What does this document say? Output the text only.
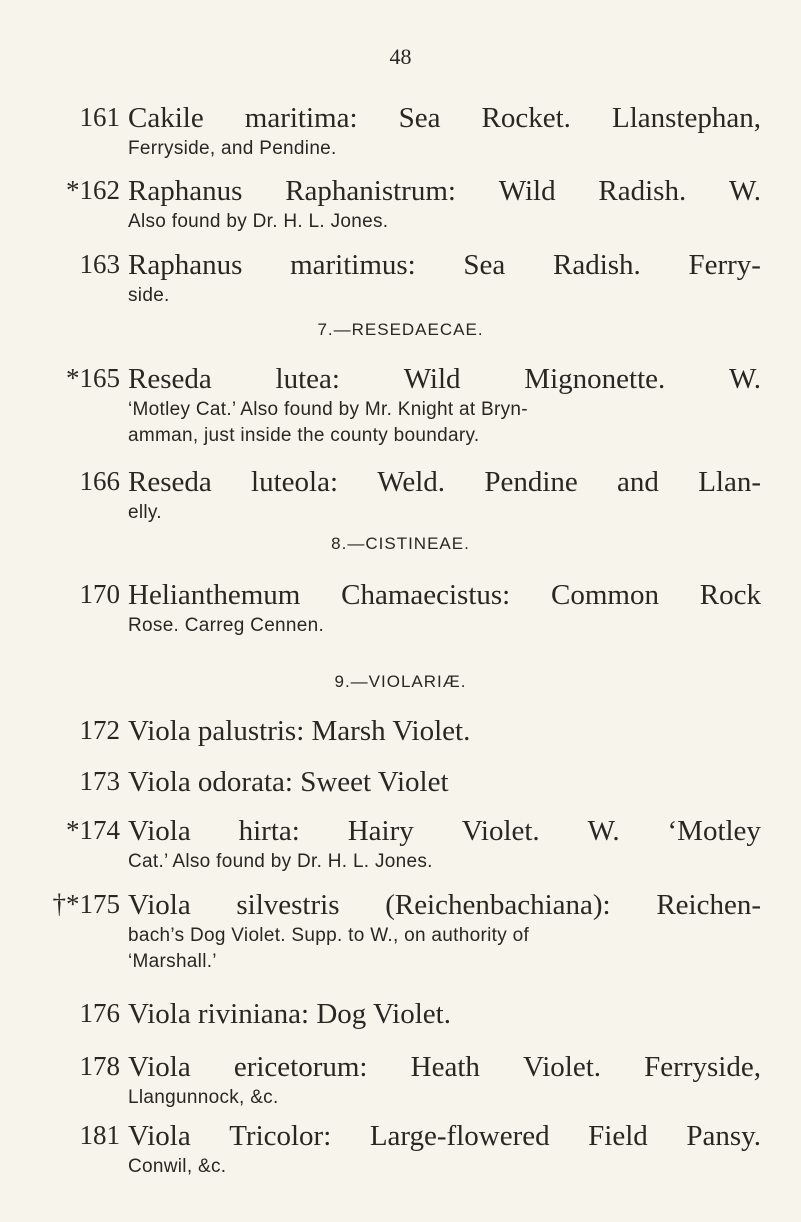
48
161 Cakile maritima: Sea Rocket. Llanstephan,
Ferryside, and Pendine.
*162 Raphanus Raphanistrum: Wild Radish. W.
Also found by Dr. H. L. Jones.
163 Raphanus maritimus: Sea Radish. Ferry-
side.
*165 Reseda lutea: Wild Mignonette. W.
‘Motley Cat.’ Also found by Mr. Knight at Bryn-
amman, just inside the county boundary.
166 Reseda luteola: Weld. Pendine and Llan-
elly.
170 Helianthemum Chamaecistus: Common Rock
Rose. Carreg Cennen.
172 Viola palustris: Marsh Violet.
173 Viola odorata: Sweet Violet
*174 Viola hirta: Hairy Violet. W. ‘Motley
Cat.’ Also found by Dr. H. L. Jones.
†*175 Viola silvestris (Reichenbachiana): Reichen-
bach’s Dog Violet. Supp. to W., on authority of
‘Marshall.’
176 Viola riviniana: Dog Violet.
178 Viola ericetorum: Heath Violet. Ferryside,
Llangunnock, &c.
181 Viola Tricolor: Large-flowered Field Pansy.
Conwil, &c.
7.—RESEDAECAE.
8.—CISTINEAE.
9.—VIOLARIÆ.
